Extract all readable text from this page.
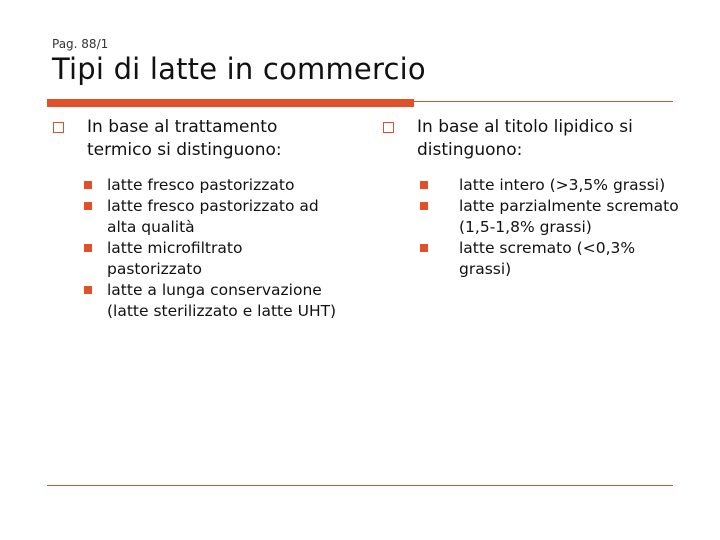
Pag. 88/1
Tipi di latte in commercio
In base al trattamento termico si distinguono:
latte fresco pastorizzato
latte fresco pastorizzato ad alta qualità
latte microfiltrato pastorizzato
latte a lunga conservazione (latte sterilizzato e latte UHT)
In base al titolo lipidico si distinguono:
latte intero (>3,5% grassi)
latte parzialmente scremato (1,5-1,8% grassi)
latte scremato (<0,3% grassi)
